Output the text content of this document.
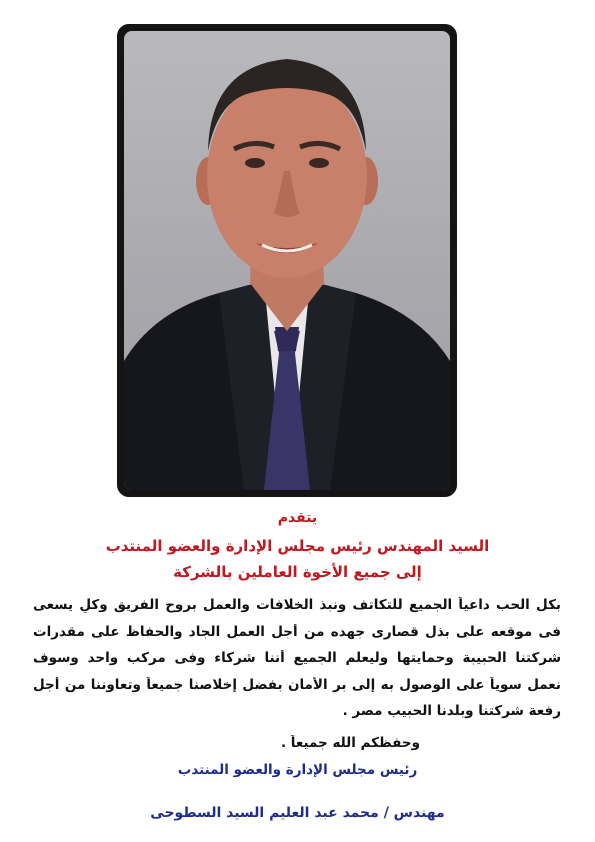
يتقدم
السيد المهندس رئيس مجلس الإدارة والعضو المنتدب
إلى جميع الأخوة العاملين بالشركة
بكل الحب داعياً الجميع للتكاتف ونبذ الخلافات والعمل بروح الفريق وكلٍ يسعى
فى موقعه على بذل قصارى جهده من أجل العمل الجاد والحفاظ على مقدرات
شركتنا الحبيبة وحمايتها وليعلم الجميع أننا شركاء وفى مركب واحد وسوف
نعمل سوياً على الوصول به إلى بر الأمان بفضل إخلاصنا جميعاً وتعاوننا من أجل
رفعة شركتنا وبلدنا الحبيب مصر .
وحفظكم الله جميعاً .
رئيس مجلس الإدارة والعضو المنتدب
مهندس / محمد عبد العليم السيد السطوحى
